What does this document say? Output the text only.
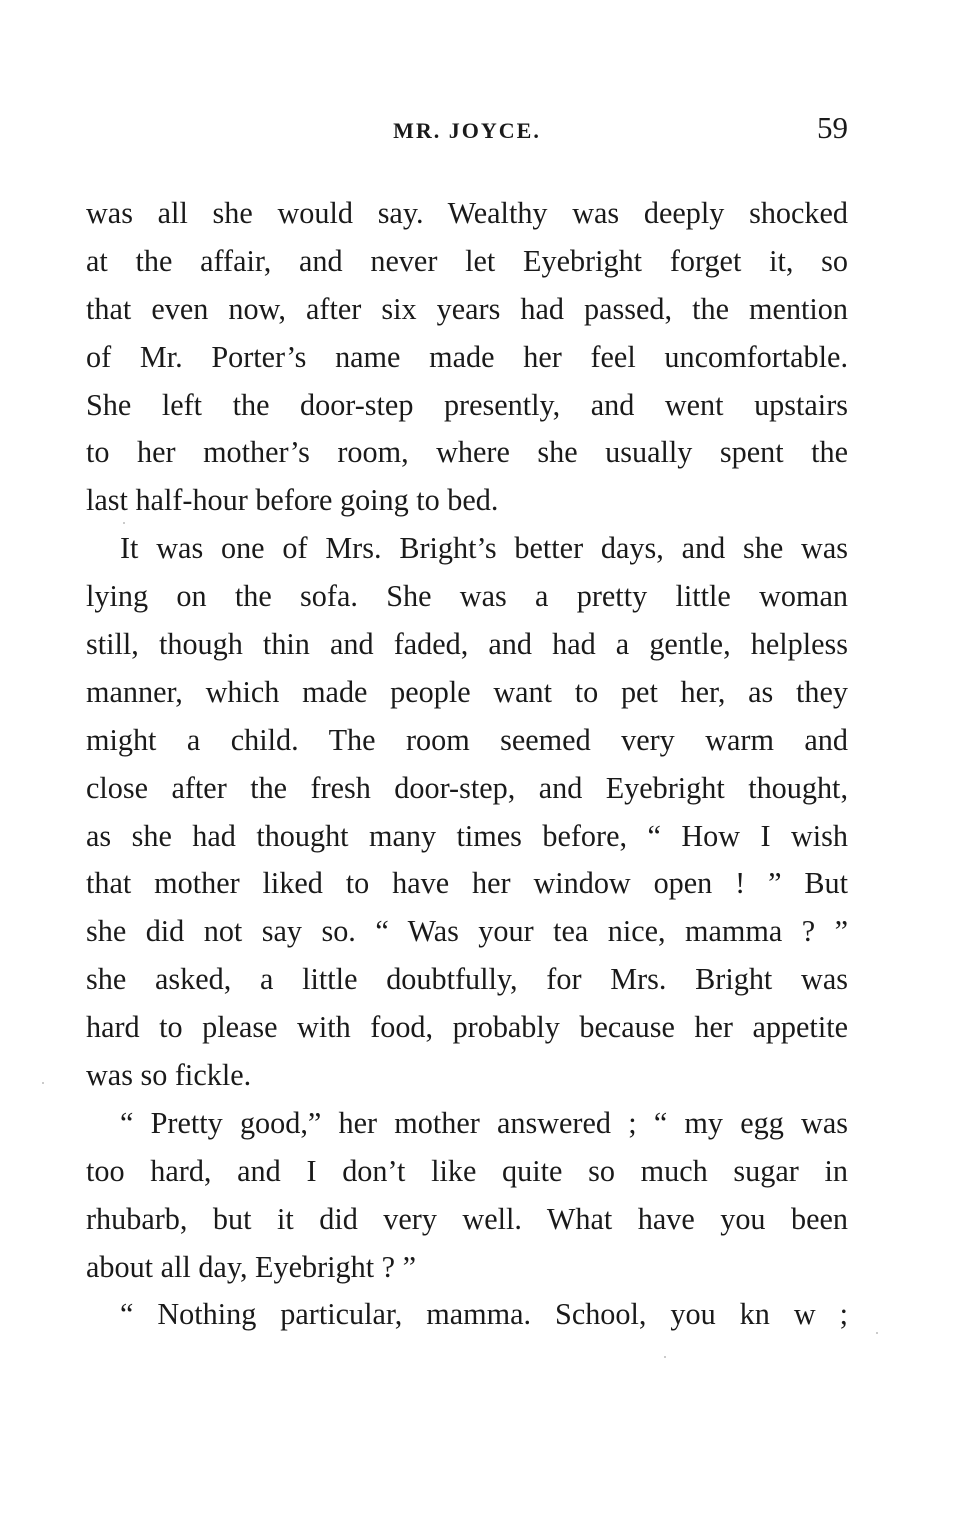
MR. JOYCE.	59

was all she would say. Wealthy was deeply shocked
at the affair, and never let Eyebright forget it, so
that even now, after six years had passed, the mention
of Mr. Porter’s name made her feel uncomfortable.
She left the door-step presently, and went upstairs
to her mother’s room, where she usually spent the
last half-hour before going to bed.

It was one of Mrs. Bright’s better days, and she was
lying on the sofa. She was a pretty little woman
still, though thin and faded, and had a gentle, helpless
manner, which made people want to pet her, as they
might a child. The room seemed very warm and
close after the fresh door-step, and Eyebright thought,
as she had thought many times before, “ How I wish
that mother liked to have her window open ! ” But
she did not say so. “ Was your tea nice, mamma ? ”
she asked, a little doubtfully, for Mrs. Bright was
hard to please with food, probably because her appetite
was so fickle.

“ Pretty good,” her mother answered ; “ my egg was
too hard, and I don’t like quite so much sugar in
rhubarb, but it did very well. What have you been
about all day, Eyebright ? ”

“ Nothing particular, mamma. School, you kn w ;
